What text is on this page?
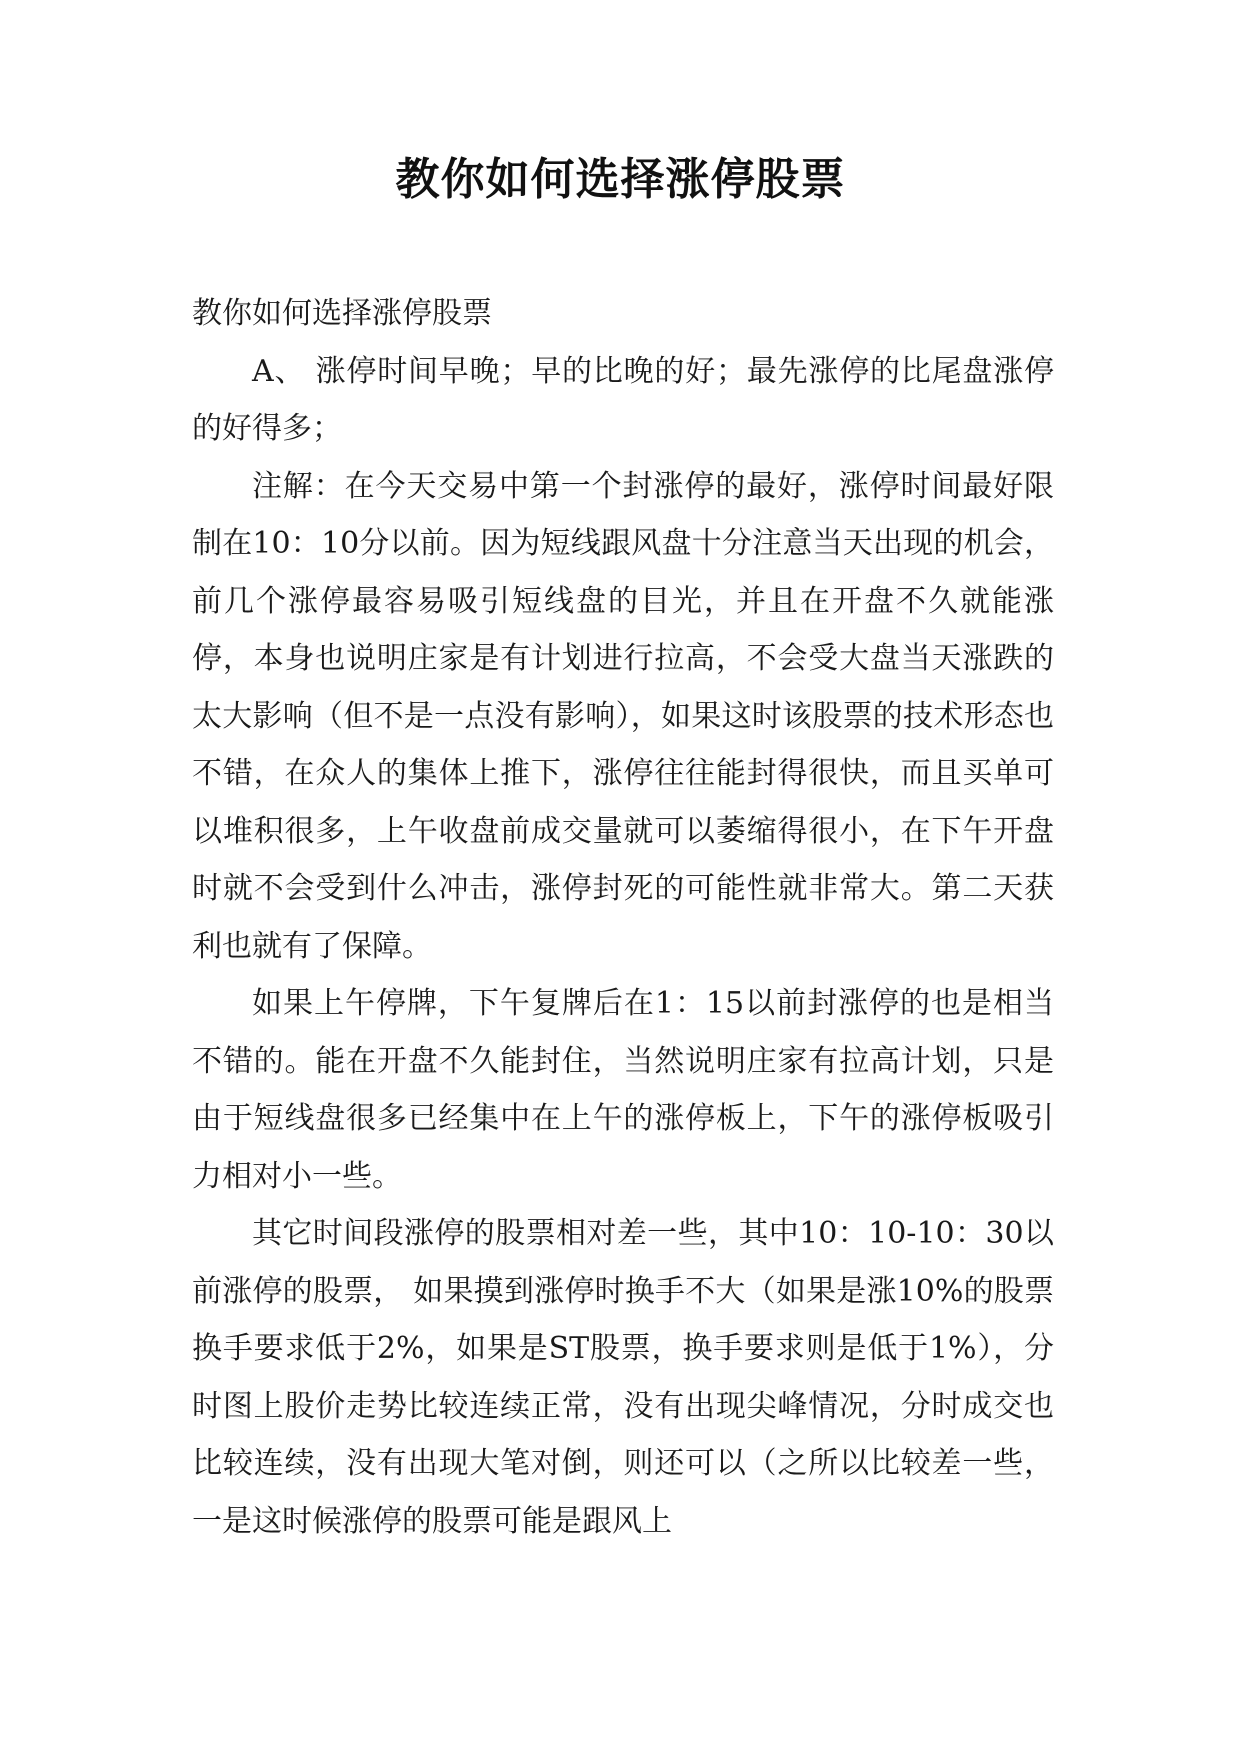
教你如何选择涨停股票

教你如何选择涨停股票

A、 涨停时间早晚；早的比晚的好；最先涨停的比尾盘涨停的好得多；

注解：在今天交易中第一个封涨停的最好，涨停时间最好限制在10：10分以前。因为短线跟风盘十分注意当天出现的机会，前几个涨停最容易吸引短线盘的目光，并且在开盘不久就能涨停，本身也说明庄家是有计划进行拉高，不会受大盘当天涨跌的太大影响（但不是一点没有影响），如果这时该股票的技术形态也不错，在众人的集体上推下，涨停往往能封得很快，而且买单可以堆积很多，上午收盘前成交量就可以萎缩得很小，在下午开盘时就不会受到什么冲击，涨停封死的可能性就非常大。第二天获利也就有了保障。

如果上午停牌，下午复牌后在1：15以前封涨停的也是相当不错的。能在开盘不久能封住，当然说明庄家有拉高计划，只是由于短线盘很多已经集中在上午的涨停板上，下午的涨停板吸引力相对小一些。

其它时间段涨停的股票相对差一些，其中10：10-10：30以前涨停的股票， 如果摸到涨停时换手不大（如果是涨10%的股票换手要求低于2%，如果是ST股票，换手要求则是低于1%），分时图上股价走势比较连续正常，没有出现尖峰情况，分时成交也比较连续，没有出现大笔对倒，则还可以（之所以比较差一些，一是这时候涨停的股票可能是跟风上
